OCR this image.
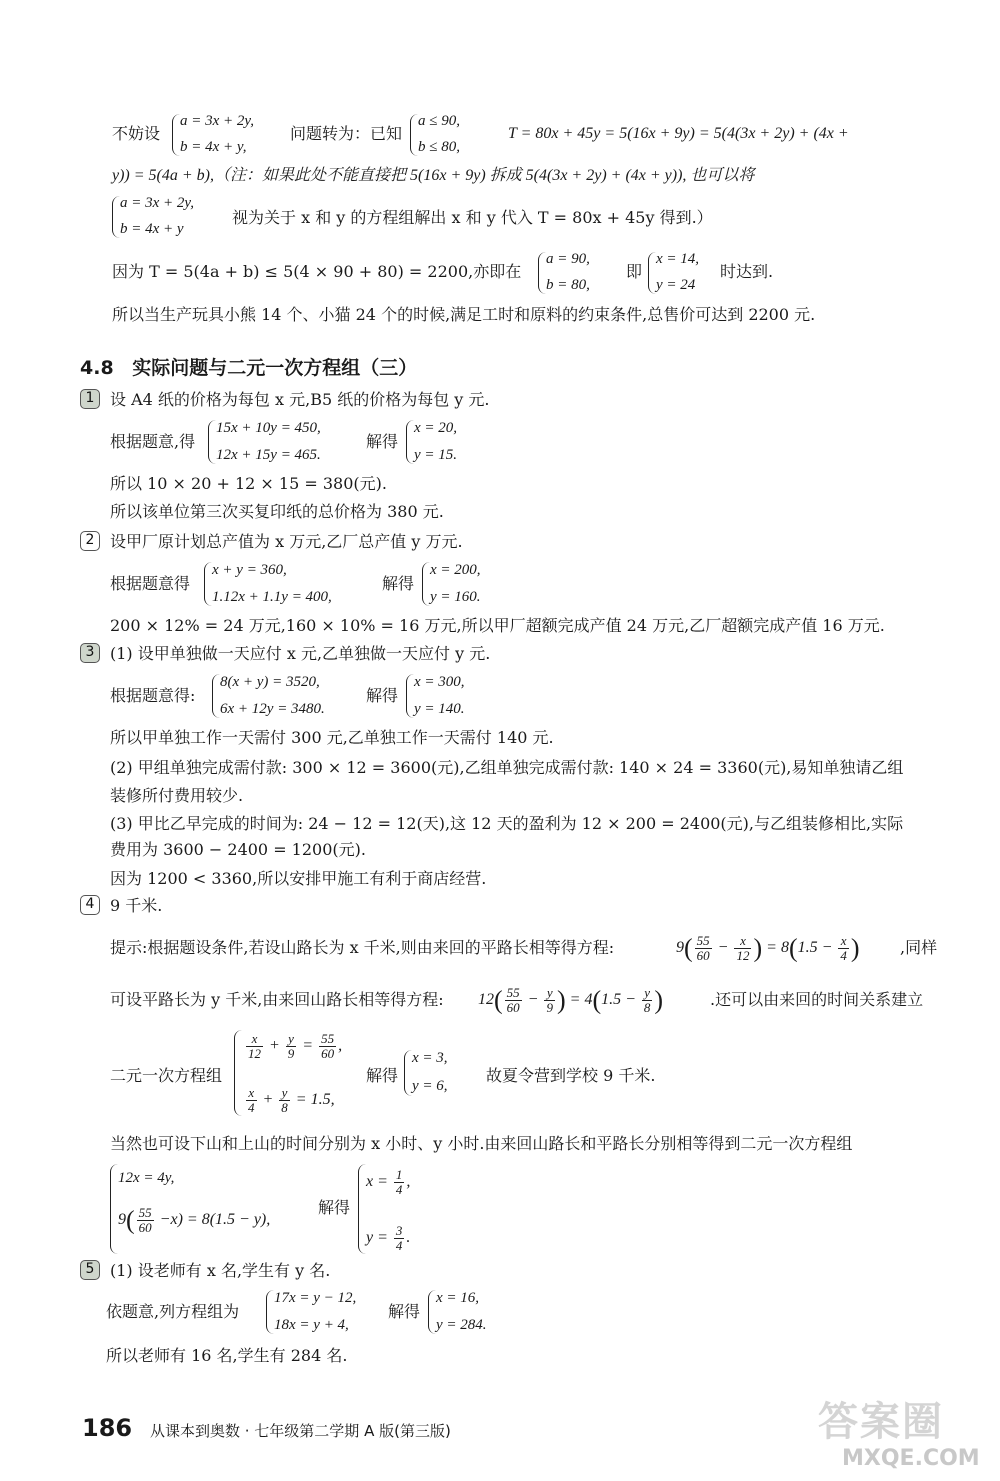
不妨设
a = 3x + 2y,
b = 4x + y,
问题转为：已知
a ≤ 90,
b ≤ 80,
T = 80x + 45y = 5(16x + 9y) = 5(4(3x + 2y) + (4x +
y)) = 5(4a + b),（注：如果此处不能直接把 5(16x + 9y) 拆成 5(4(3x + 2y) + (4x + y)), 也可以将
a = 3x + 2y,
b = 4x + y
视为关于 x 和 y 的方程组解出 x 和 y 代入 T = 80x + 45y 得到.）
因为 T = 5(4a + b) ≤ 5(4 × 90 + 80) = 2200,亦即在
a = 90,
b = 80,
即
x = 14,
y = 24
时达到.
所以当生产玩具小熊 14 个、小猫 24 个的时候,满足工时和原料的约束条件,总售价可达到 2200 元.
4.8 实际问题与二元一次方程组（三）
1 设 A4 纸的价格为每包 x 元,B5 纸的价格为每包 y 元.
根据题意,得
15x + 10y = 450,
12x + 15y = 465.
解得
x = 20,
y = 15.
所以 10 × 20 + 12 × 15 = 380(元).
所以该单位第三次买复印纸的总价格为 380 元.
2 设甲厂原计划总产值为 x 万元,乙厂总产值 y 万元.
根据题意得
x + y = 360,
1.12x + 1.1y = 400,
解得
x = 200,
y = 160.
200 × 12% = 24 万元,160 × 10% = 16 万元,所以甲厂超额完成产值 24 万元,乙厂超额完成产值 16 万元.
3 (1) 设甲单独做一天应付 x 元,乙单独做一天应付 y 元.
根据题意得:
8(x + y) = 3520,
6x + 12y = 3480.
解得
x = 300,
y = 140.
所以甲单独工作一天需付 300 元,乙单独工作一天需付 140 元.
(2) 甲组单独完成需付款: 300 × 12 = 3600(元),乙组单独完成需付款: 140 × 24 = 3360(元),易知单独请乙组
装修所付费用较少.
(3) 甲比乙早完成的时间为: 24 − 12 = 12(天),这 12 天的盈利为 12 × 200 = 2400(元),与乙组装修相比,实际
费用为 3600 − 2400 = 1200(元).
因为 1200 < 3360,所以安排甲施工有利于商店经营.
4 9 千米.
提示:根据题设条件,若设山路长为 x 千米,则由来回的平路长相等得方程:	$9( \frac{55}{60} - \frac{x}{12}$ ) = $8(1.5 - \frac{x}{4}$ )	,同样
可设平路长为 y 千米,由来回山路长相等得方程: $12( \frac{55}{60} - \frac{y}{9}$ ) = $4(1.5 - \frac{y}{8}$ )	.还可以由来回的时间关系建立
二元一次方程组
$\frac{x}{12} + \frac{y}{9} = \frac{55}{60}$ ,
$\frac{x}{4} + \frac{y}{8} = 1.5$,
解得
x = 3,
y = 6,
故夏令营到学校 9 千米.
当然也可设下山和上山的时间分别为 x 小时、y 小时.由来回山路长和平路长分别相等得到二元一次方程组
12x = 4y,
$9( \frac{55}{60} -x) = 8(1.5 - y)$,
解得
$x = \frac{1}{4}$ ,
$y = \frac{3}{4}$ .
5 (1) 设老师有 x 名,学生有 y 名.
依题意,列方程组为
17x = y − 12,
18x = y + 4,
解得
x = 16,
y = 284.
所以老师有 16 名,学生有 284 名.
186 从课本到奥数 · 七年级第二学期 A 版(第三版)	答案圈
MXQE.COM
